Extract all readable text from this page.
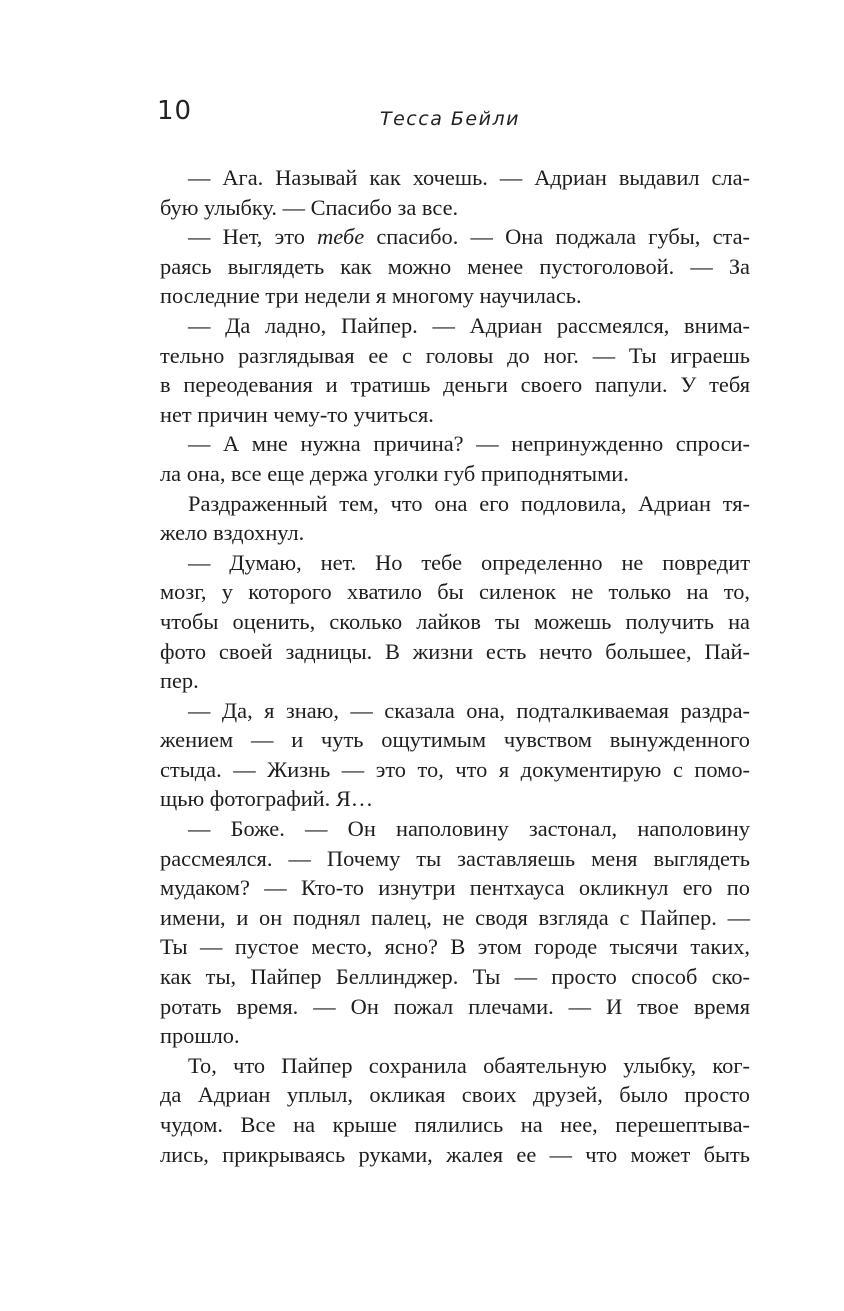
10	Тесса Бейли
— Ага. Называй как хочешь. — Адриан выдавил сла-
бую улыбку. — Спасибо за все.
— Нет, это тебе спасибо. — Она поджала губы, ста-
раясь выглядеть как можно менее пустоголовой. — За
последние три недели я многому научилась.
— Да ладно, Пайпер. — Адриан рассмеялся, внима-
тельно разглядывая ее с головы до ног. — Ты играешь
в переодевания и тратишь деньги своего папули. У тебя
нет причин чему-то учиться.
— А мне нужна причина? — непринужденно спроси-
ла она, все еще держа уголки губ приподнятыми.
Раздраженный тем, что она его подловила, Адриан тя-
жело вздохнул.
— Думаю, нет. Но тебе определенно не повредит
мозг, у которого хватило бы силенок не только на то,
чтобы оценить, сколько лайков ты можешь получить на
фото своей задницы. В жизни есть нечто большее, Пай-
пер.
— Да, я знаю, — сказала она, подталкиваемая раздра-
жением — и чуть ощутимым чувством вынужденного
стыда. — Жизнь — это то, что я документирую с помо-
щью фотографий. Я…
— Боже. — Он наполовину застонал, наполовину
рассмеялся. — Почему ты заставляешь меня выглядеть
мудаком? — Кто-то изнутри пентхауса окликнул его по
имени, и он поднял палец, не сводя взгляда с Пайпер. —
Ты — пустое место, ясно? В этом городе тысячи таких,
как ты, Пайпер Беллинджер. Ты — просто способ ско-
ротать время. — Он пожал плечами. — И твое время
прошло.
То, что Пайпер сохранила обаятельную улыбку, ког-
да Адриан уплыл, окликая своих друзей, было просто
чудом. Все на крыше пялились на нее, перешептыва-
лись, прикрываясь руками, жалея ее — что может быть
